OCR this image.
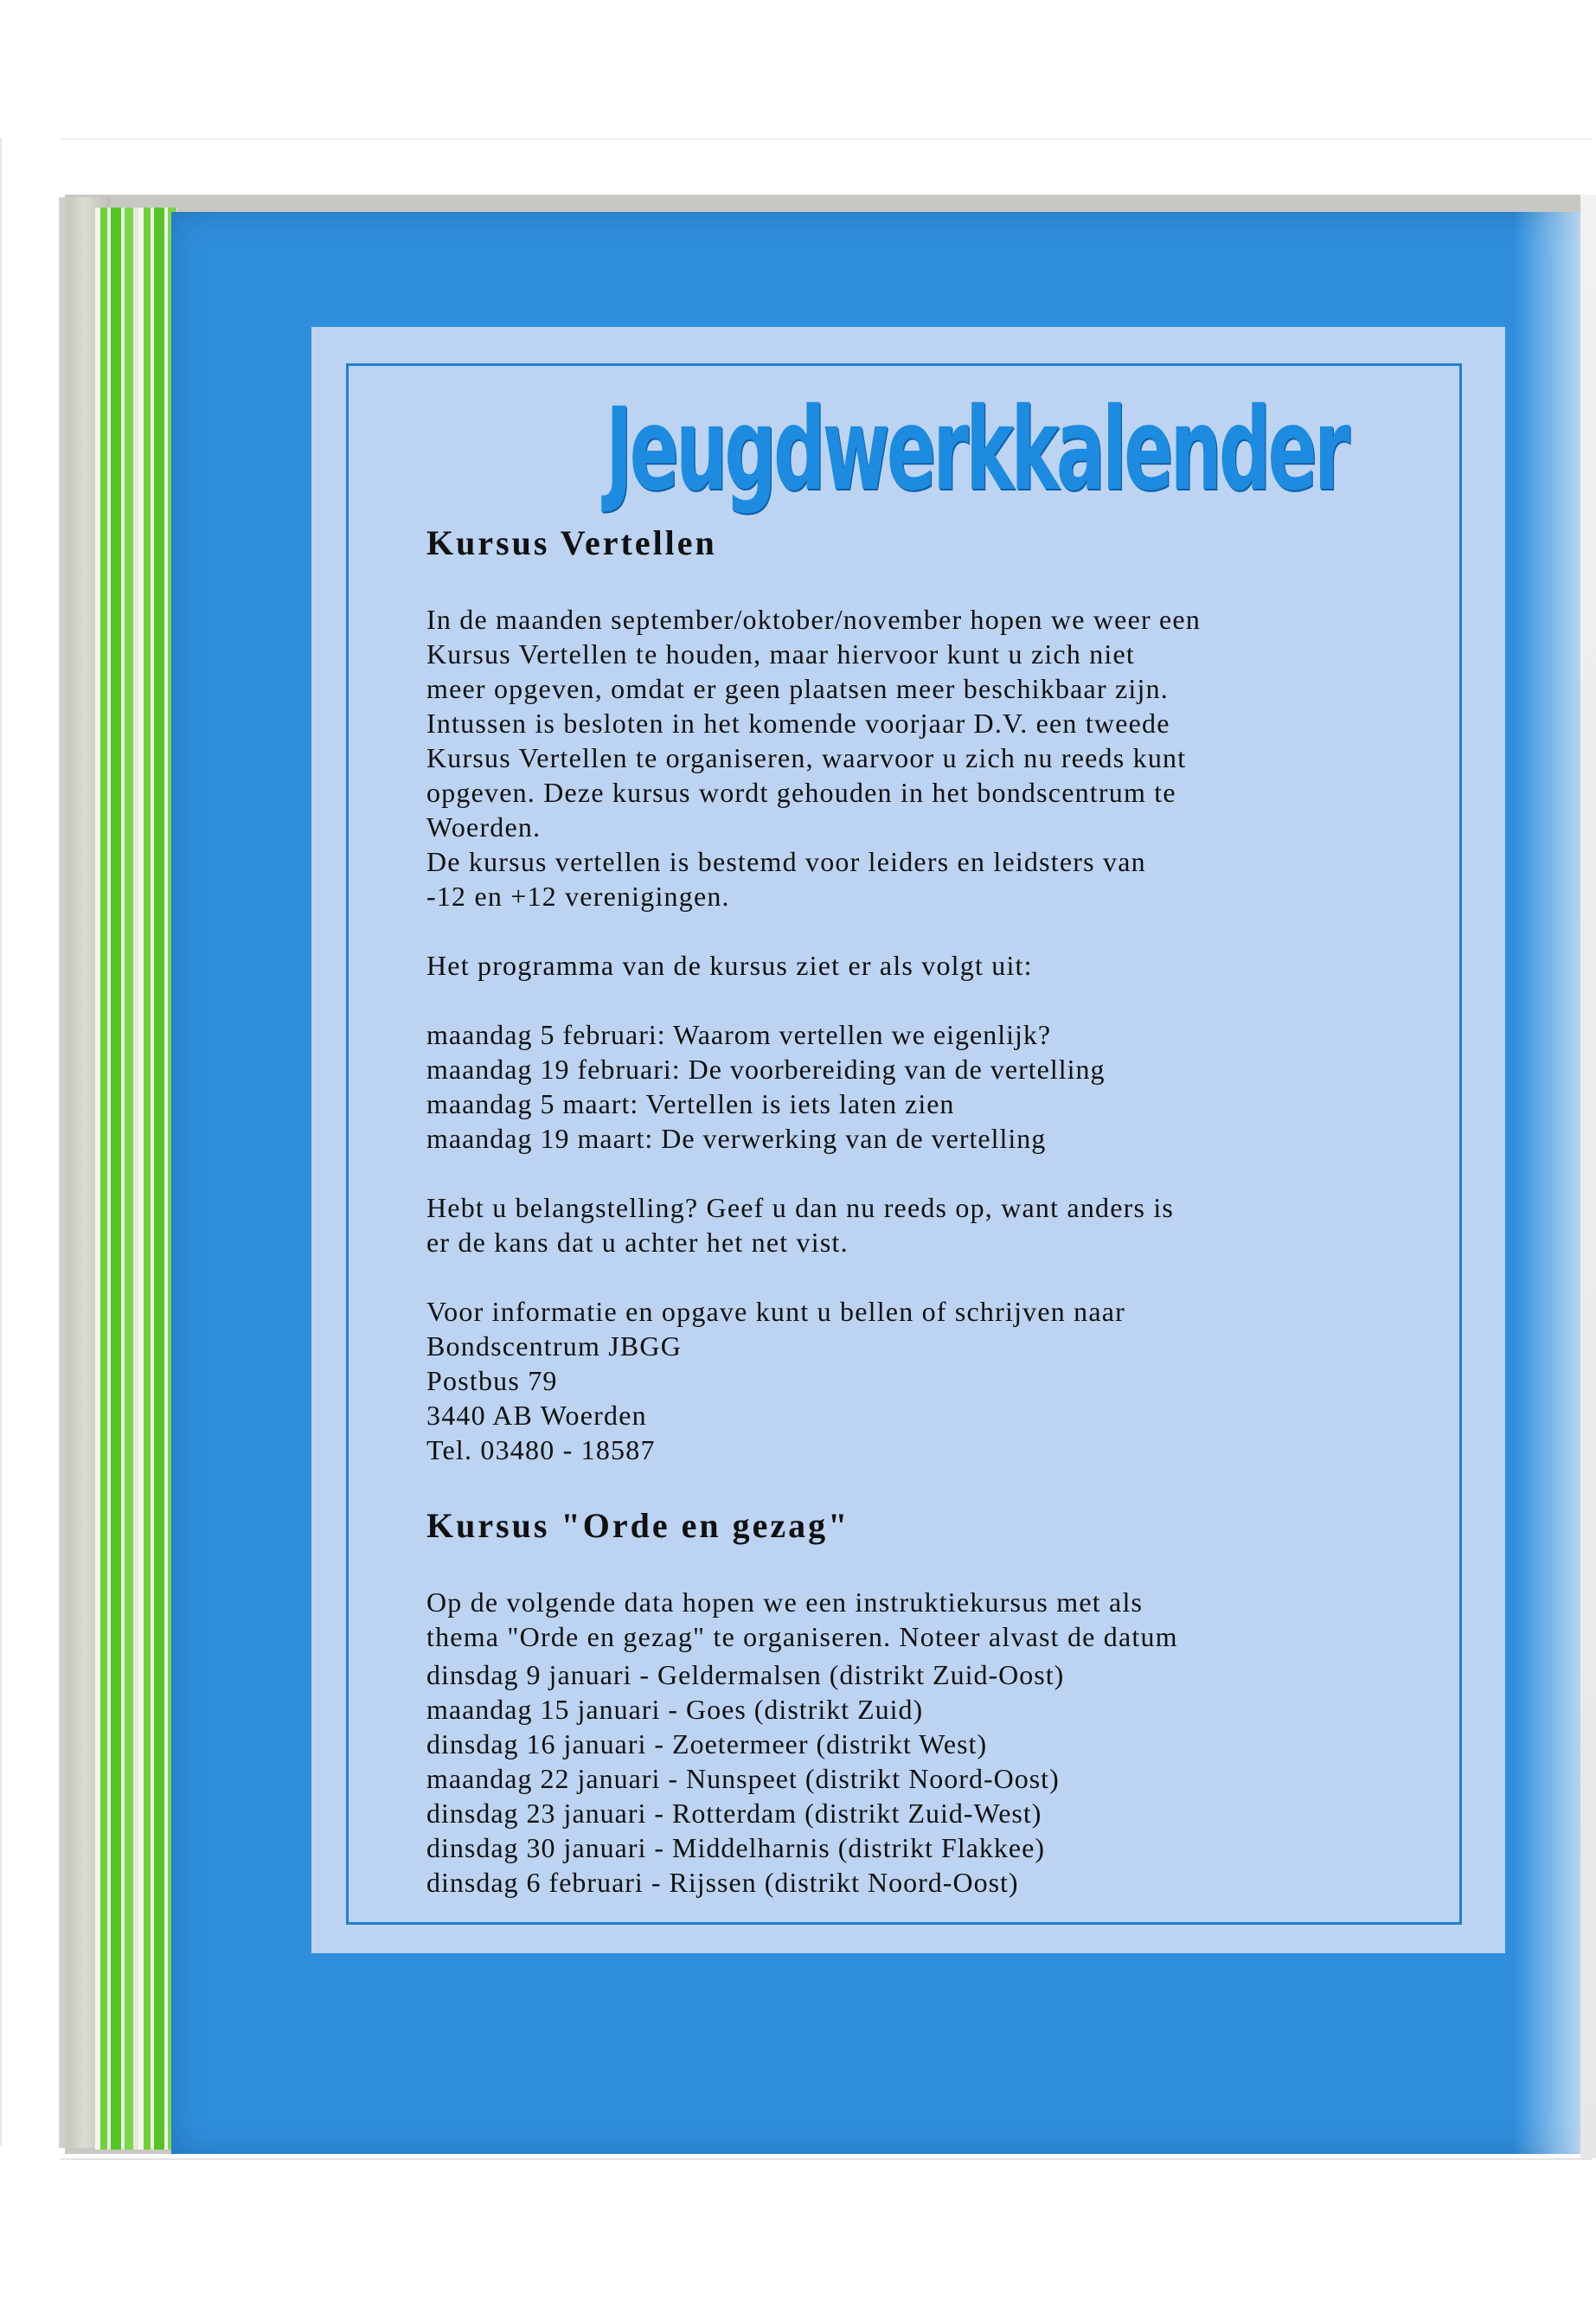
Jeugdwerkkalender
Kursus Vertellen

In de maanden september/oktober/november hopen we weer een

Kursus Vertellen te houden, maar hiervoor kunt u zich niet

meer opgeven, omdat er geen plaatsen meer beschikbaar zijn.

Intussen is besloten in het komende voorjaar D.V. een tweede

Kursus Vertellen te organiseren, waarvoor u zich nu reeds kunt

opgeven. Deze kursus wordt gehouden in het bondscentrum te

Woerden.

De kursus vertellen is bestemd voor leiders en leidsters van

-12 en +12 verenigingen.

Het programma van de kursus ziet er als volgt uit:

maandag 5 februari: Waarom vertellen we eigenlijk?

maandag 19 februari: De voorbereiding van de vertelling

maandag 5 maart: Vertellen is iets laten zien

maandag 19 maart: De verwerking van de vertelling

Hebt u belangstelling? Geef u dan nu reeds op, want anders is

er de kans dat u achter het net vist.

Voor informatie en opgave kunt u bellen of schrijven naar

Bondscentrum JBGG

Postbus 79

3440 AB Woerden

Tel. 03480 - 18587

Kursus "Orde en gezag"

Op de volgende data hopen we een instruktiekursus met als

thema "Orde en gezag" te organiseren. Noteer alvast de datum

dinsdag 9 januari - Geldermalsen (distrikt Zuid-Oost)

maandag 15 januari - Goes (distrikt Zuid)

dinsdag 16 januari - Zoetermeer (distrikt West)

maandag 22 januari - Nunspeet (distrikt Noord-Oost)

dinsdag 23 januari - Rotterdam (distrikt Zuid-West)

dinsdag 30 januari - Middelharnis (distrikt Flakkee)

dinsdag 6 februari - Rijssen (distrikt Noord-Oost)
